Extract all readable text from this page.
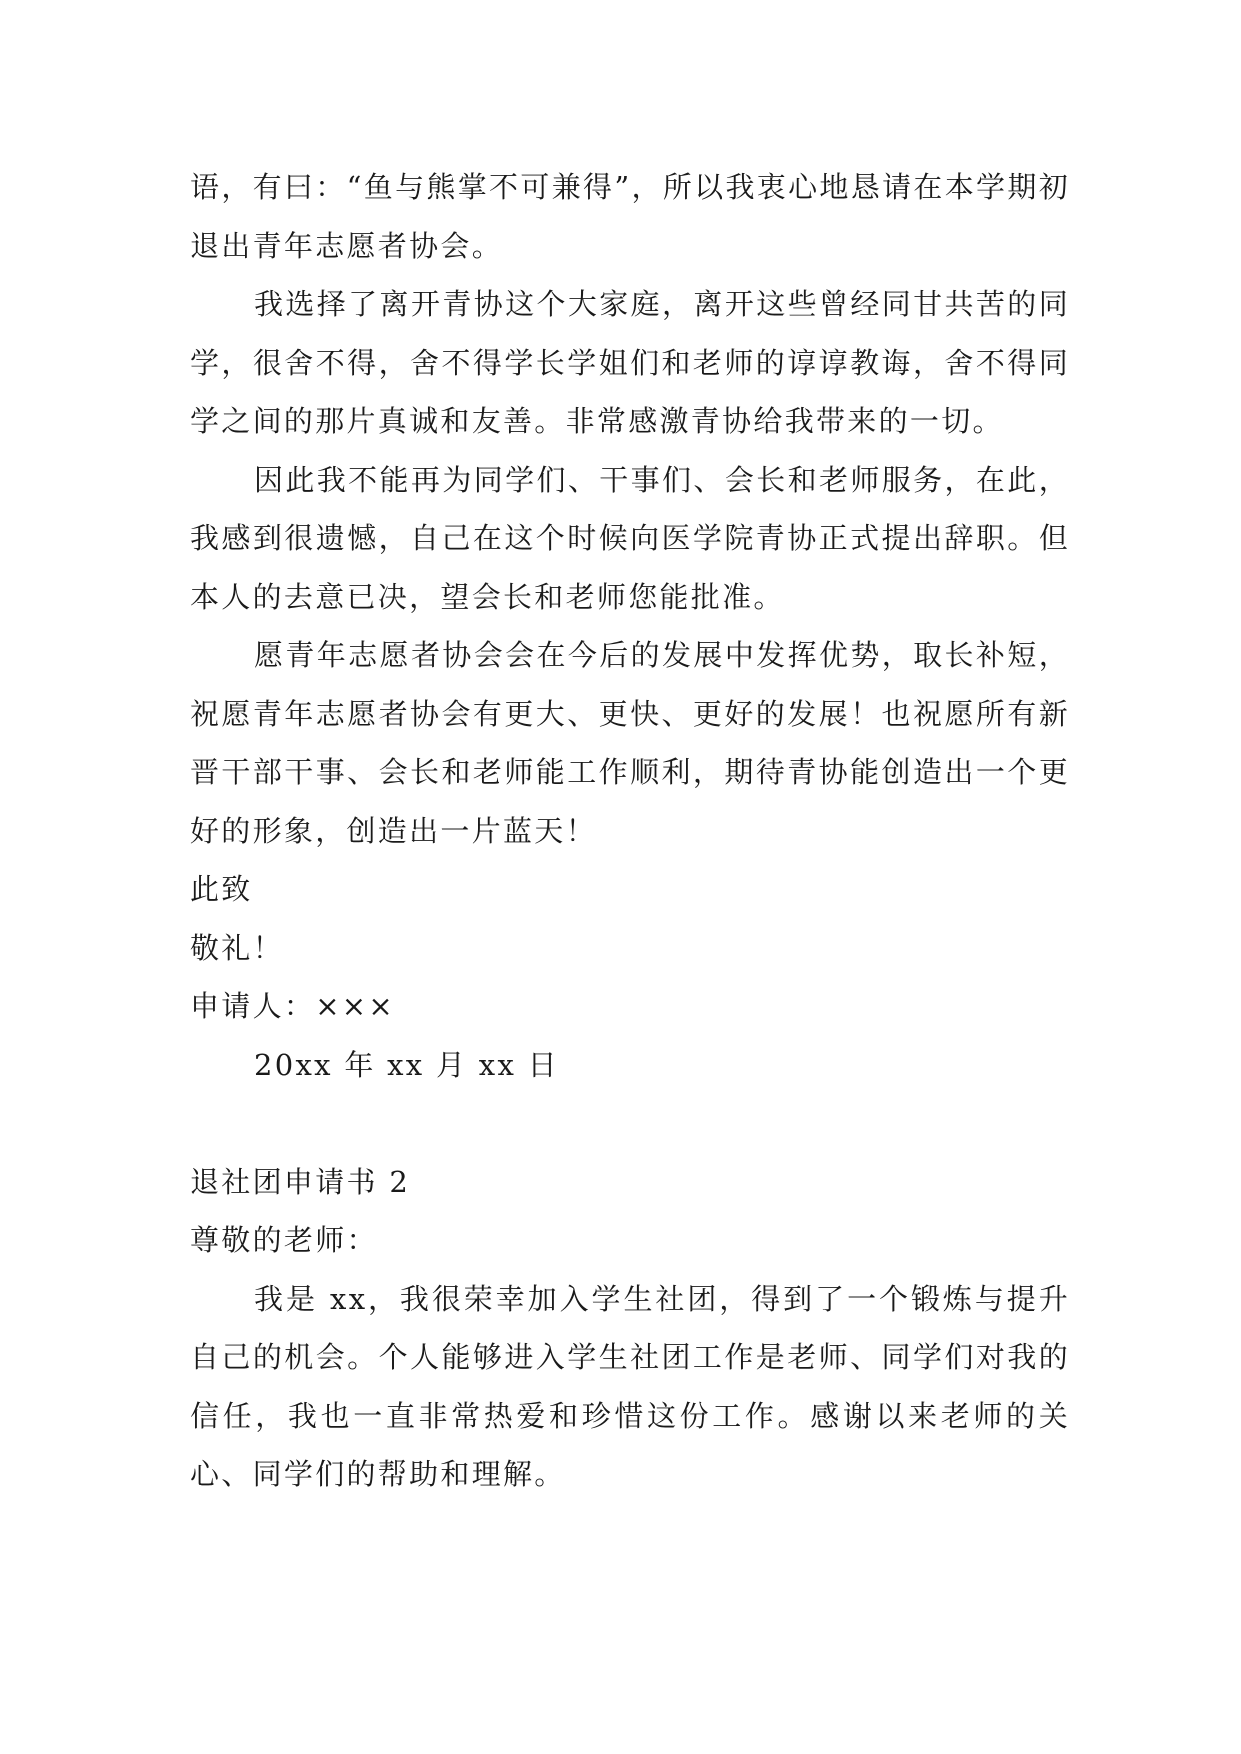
语，有曰：“鱼与熊掌不可兼得”，所以我衷心地恳请在本学期初退出青年志愿者协会。

我选择了离开青协这个大家庭，离开这些曾经同甘共苦的同学，很舍不得，舍不得学长学姐们和老师的谆谆教诲，舍不得同学之间的那片真诚和友善。非常感激青协给我带来的一切。

因此我不能再为同学们、干事们、会长和老师服务，在此，我感到很遗憾，自己在这个时候向医学院青协正式提出辞职。但本人的去意已决，望会长和老师您能批准。

愿青年志愿者协会会在今后的发展中发挥优势，取长补短，祝愿青年志愿者协会有更大、更快、更好的发展！也祝愿所有新晋干部干事、会长和老师能工作顺利，期待青协能创造出一个更好的形象，创造出一片蓝天！

此致

敬礼！

申请人：×××

20xx 年 xx 月 xx 日

退社团申请书 2

尊敬的老师：

我是 xx，我很荣幸加入学生社团，得到了一个锻炼与提升自己的机会。个人能够进入学生社团工作是老师、同学们对我的信任，我也一直非常热爱和珍惜这份工作。感谢以来老师的关心、同学们的帮助和理解。
